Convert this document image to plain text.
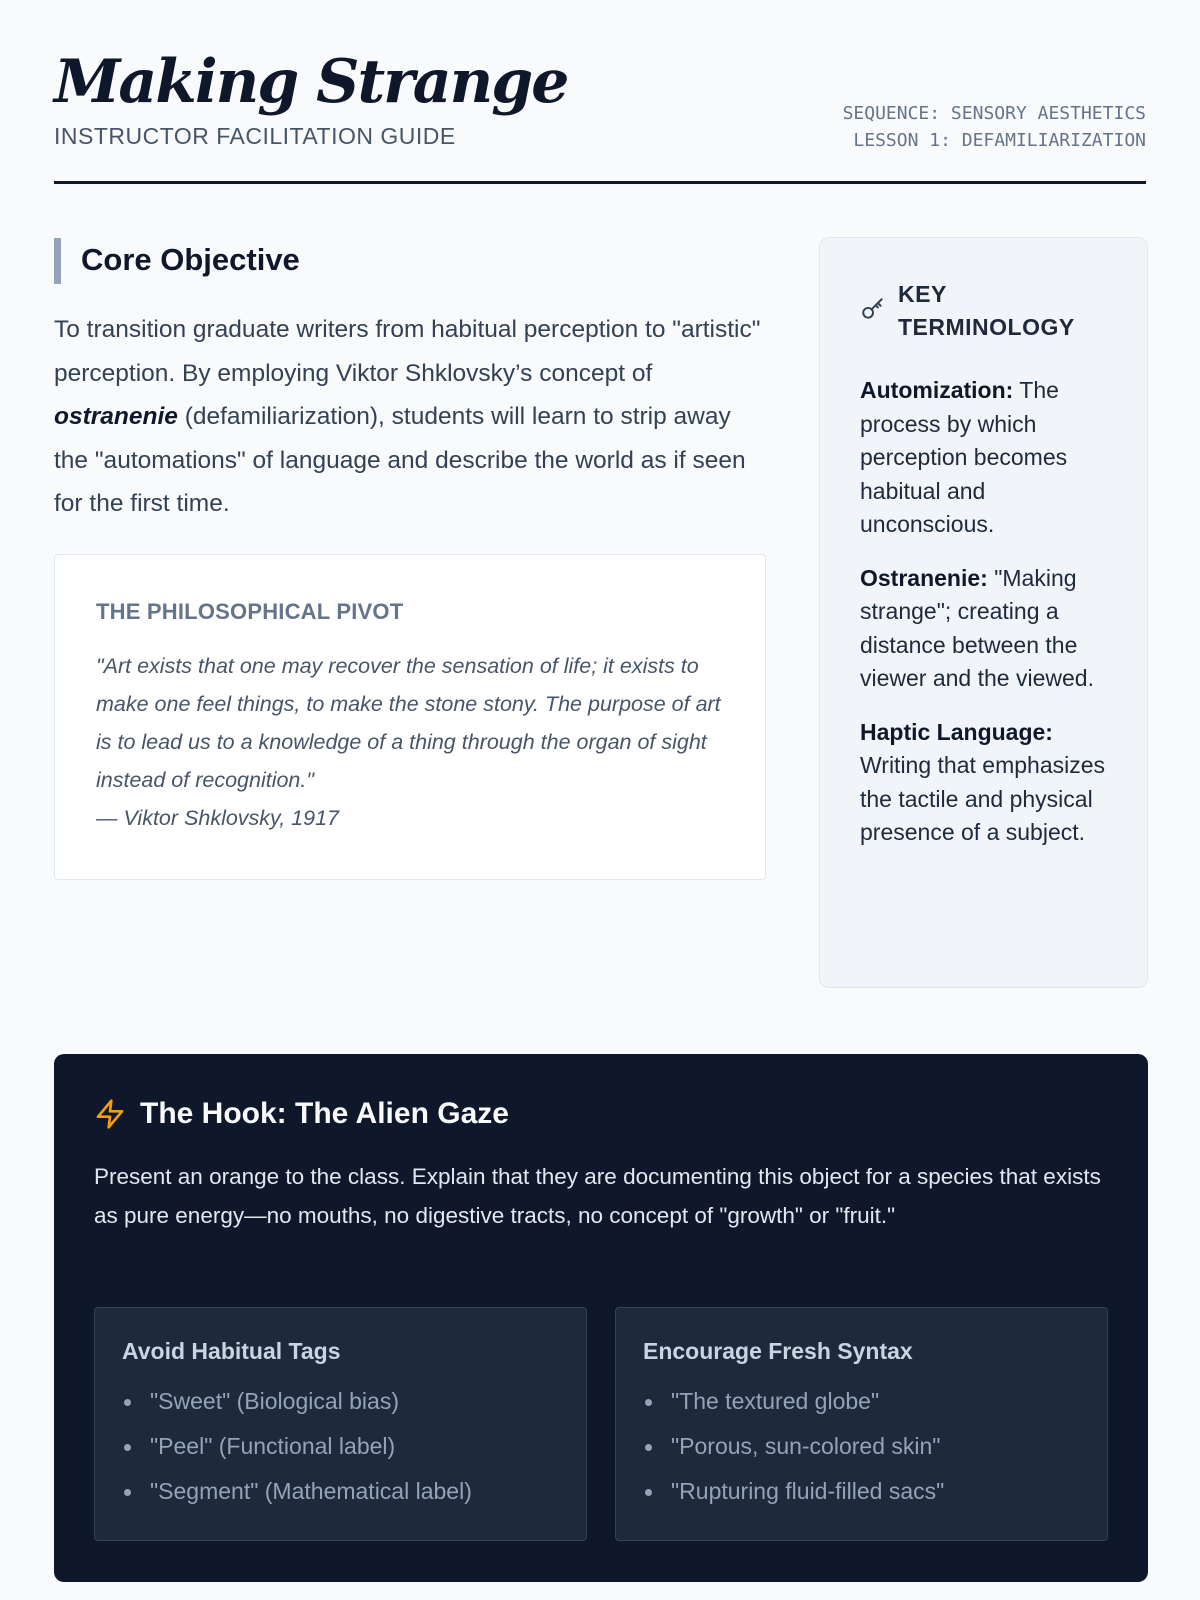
Making Strange
INSTRUCTOR FACILITATION GUIDE
SEQUENCE: SENSORY AESTHETICS
LESSON 1: DEFAMILIARIZATION
Core Objective

To transition graduate writers from habitual perception to "artistic" perception. By employing Viktor Shklovsky’s concept of ostranenie (defamiliarization), students will learn to strip away the "automations" of language and describe the world as if seen for the first time.

THE PHILOSOPHICAL PIVOT
"Art exists that one may recover the sensation of life; it exists to make one feel things, to make the stone stony. The purpose of art is to lead us to a knowledge of a thing through the organ of sight instead of recognition."
— Viktor Shklovsky, 1917
KEY TERMINOLOGY

Automization: The process by which perception becomes habitual and unconscious.

Ostranenie: "Making strange"; creating a distance between the viewer and the viewed.

Haptic Language: Writing that emphasizes the tactile and physical presence of a subject.

The Hook: The Alien Gaze

Present an orange to the class. Explain that they are documenting this object for a species that exists as pure energy—no mouths, no digestive tracts, no concept of "growth" or "fruit."

Avoid Habitual Tags
"Sweet" (Biological bias)
"Peel" (Functional label)
"Segment" (Mathematical label)
Encourage Fresh Syntax
"The textured globe"
"Porous, sun-colored skin"
"Rupturing fluid-filled sacs"
